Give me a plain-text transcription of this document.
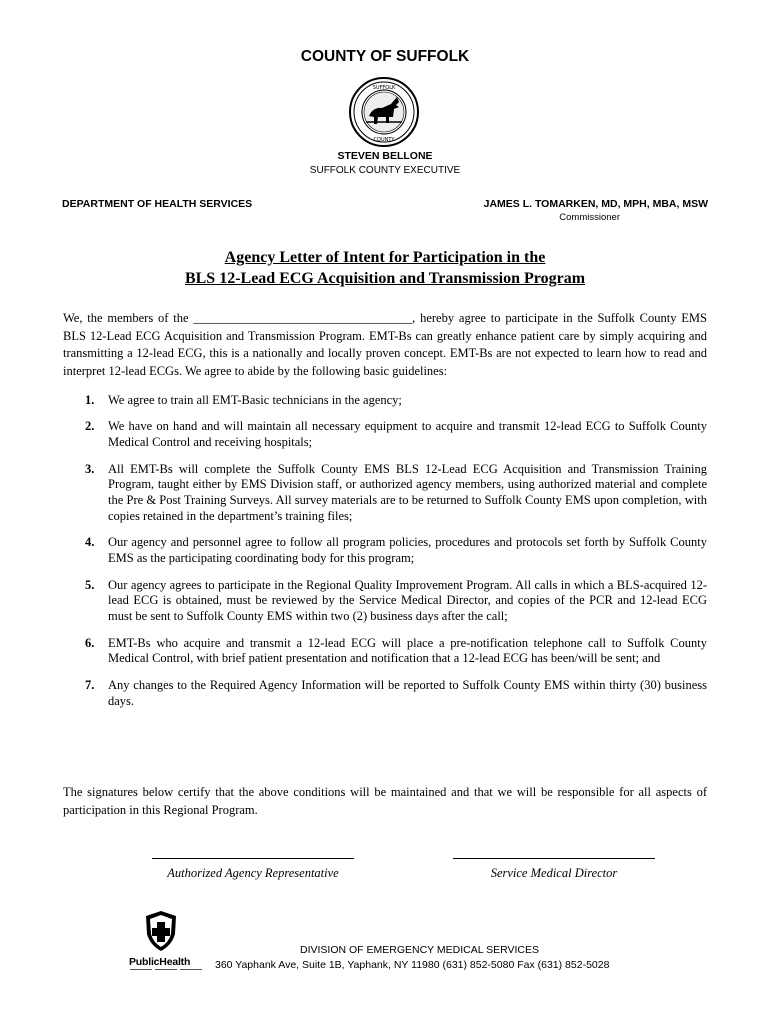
COUNTY OF SUFFOLK
SUFFOLK
COUNTY
STEVEN BELLONE
SUFFOLK COUNTY EXECUTIVE
DEPARTMENT OF HEALTH SERVICES	JAMES L. TOMARKEN, MD, MPH, MBA, MSW
Commissioner
Agency Letter of Intent for Participation in the
BLS 12-Lead ECG Acquisition and Transmission Program

We, the members of the ___________________________________, hereby agree to participate in the Suffolk County EMS BLS 12-Lead ECG Acquisition and Transmission Program. EMT-Bs can greatly enhance patient care by simply acquiring and transmitting a 12-lead ECG, this is a nationally and locally proven concept. EMT-Bs are not expected to learn how to read and interpret 12-lead ECGs. We agree to abide by the following basic guidelines:

1. We agree to train all EMT-Basic technicians in the agency;
2. We have on hand and will maintain all necessary equipment to acquire and transmit 12-lead ECG to Suffolk County Medical Control and receiving hospitals;
3. All EMT-Bs will complete the Suffolk County EMS BLS 12-Lead ECG Acquisition and Transmission Training Program, taught either by EMS Division staff, or authorized agency members, using authorized material and complete the Pre & Post Training Surveys. All survey materials are to be returned to Suffolk County EMS upon completion, with copies retained in the department’s training files;
4. Our agency and personnel agree to follow all program policies, procedures and protocols set forth by Suffolk County EMS as the participating coordinating body for this program;
5. Our agency agrees to participate in the Regional Quality Improvement Program. All calls in which a BLS-acquired 12-lead ECG is obtained, must be reviewed by the Service Medical Director, and copies of the PCR and 12-lead ECG must be sent to Suffolk County EMS within two (2) business days after the call;
6. EMT-Bs who acquire and transmit a 12-lead ECG will place a pre-notification telephone call to Suffolk County Medical Control, with brief patient presentation and notification that a 12-lead ECG has been/will be sent; and
7. Any changes to the Required Agency Information will be reported to Suffolk County EMS within thirty (30) business days.

The signatures below certify that the above conditions will be maintained and that we will be responsible for all aspects of participation in this Regional Program.

Authorized Agency Representative	Service Medical Director
PublicHealth
DIVISION OF EMERGENCY MEDICAL SERVICES
360 Yaphank Ave, Suite 1B, Yaphank, NY 11980 (631) 852-5080 Fax (631) 852-5028
